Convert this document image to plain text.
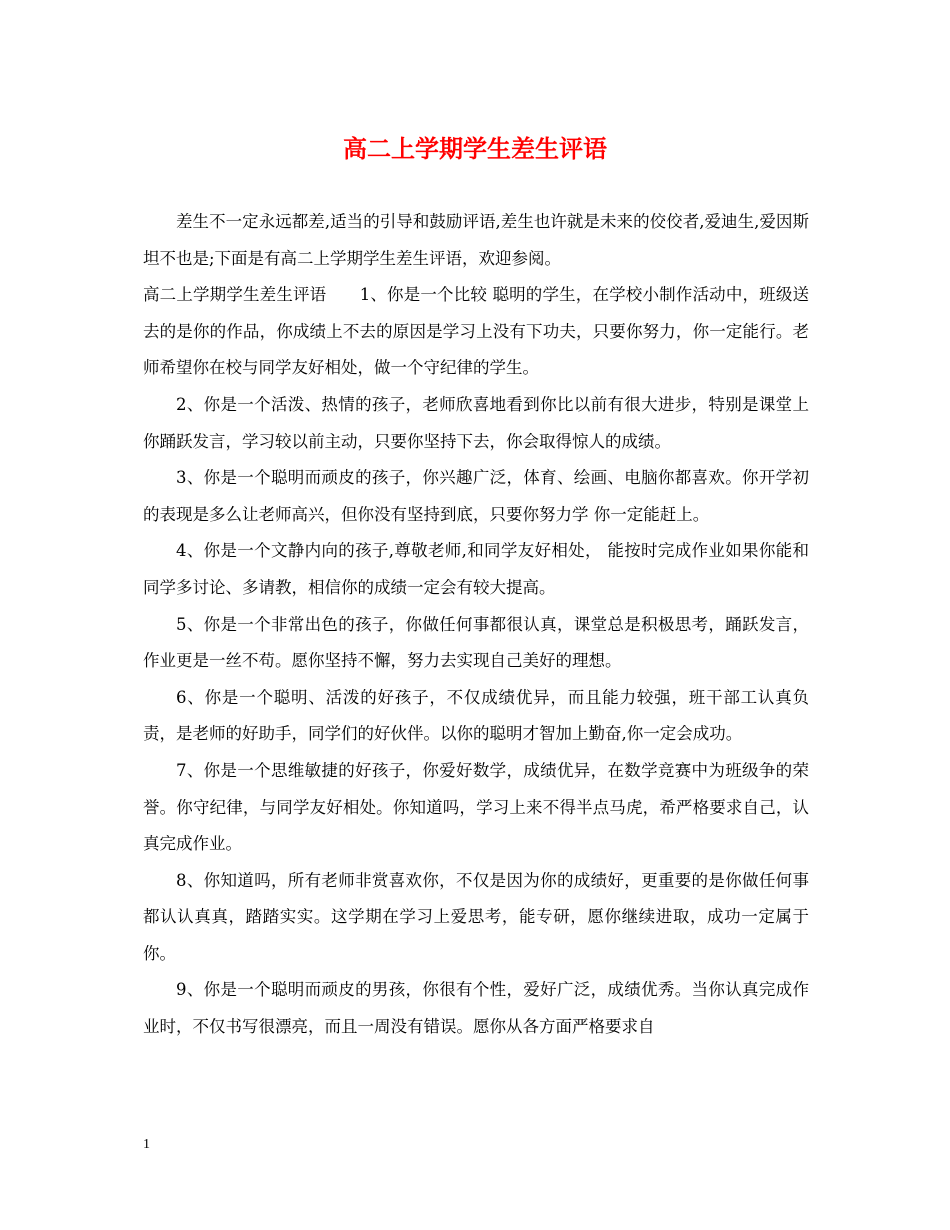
高二上学期学生差生评语

差生不一定永远都差,适当的引导和鼓励评语,差生也许就是未来的佼佼者,爱迪生,爱因斯坦不也是;下面是有高二上学期学生差生评语，欢迎参阅。

高二上学期学生差生评语　　1、你是一个比较 聪明的学生，在学校小制作活动中，班级送去的是你的作品，你成绩上不去的原因是学习上没有下功夫，只要你努力，你一定能行。老师希望你在校与同学友好相处，做一个守纪律的学生。

2、你是一个活泼、热情的孩子，老师欣喜地看到你比以前有很大进步，特别是课堂上你踊跃发言，学习较以前主动，只要你坚持下去，你会取得惊人的成绩。

3、你是一个聪明而顽皮的孩子，你兴趣广泛，体育、绘画、电脑你都喜欢。你开学初的表现是多么让老师高兴，但你没有坚持到底，只要你努力学 你一定能赶上。

4、你是一个文静内向的孩子,尊敬老师,和同学友好相处， 能按时完成作业如果你能和同学多讨论、多请教，相信你的成绩一定会有较大提高。

5、你是一个非常出色的孩子，你做任何事都很认真，课堂总是积极思考，踊跃发言，作业更是一丝不苟。愿你坚持不懈，努力去实现自己美好的理想。

6、你是一个聪明、活泼的好孩子，不仅成绩优异，而且能力较强，班干部工认真负责，是老师的好助手，同学们的好伙伴。以你的聪明才智加上勤奋,你一定会成功。

7、你是一个思维敏捷的好孩子，你爱好数学，成绩优异，在数学竞赛中为班级争的荣誉。你守纪律，与同学友好相处。你知道吗，学习上来不得半点马虎，希严格要求自己，认真完成作业。

8、你知道吗，所有老师非赏喜欢你，不仅是因为你的成绩好，更重要的是你做任何事都认认真真，踏踏实实。这学期在学习上爱思考，能专研，愿你继续进取，成功一定属于你。

9、你是一个聪明而顽皮的男孩，你很有个性，爱好广泛，成绩优秀。当你认真完成作业时，不仅书写很漂亮，而且一周没有错误。愿你从各方面严格要求自

1
